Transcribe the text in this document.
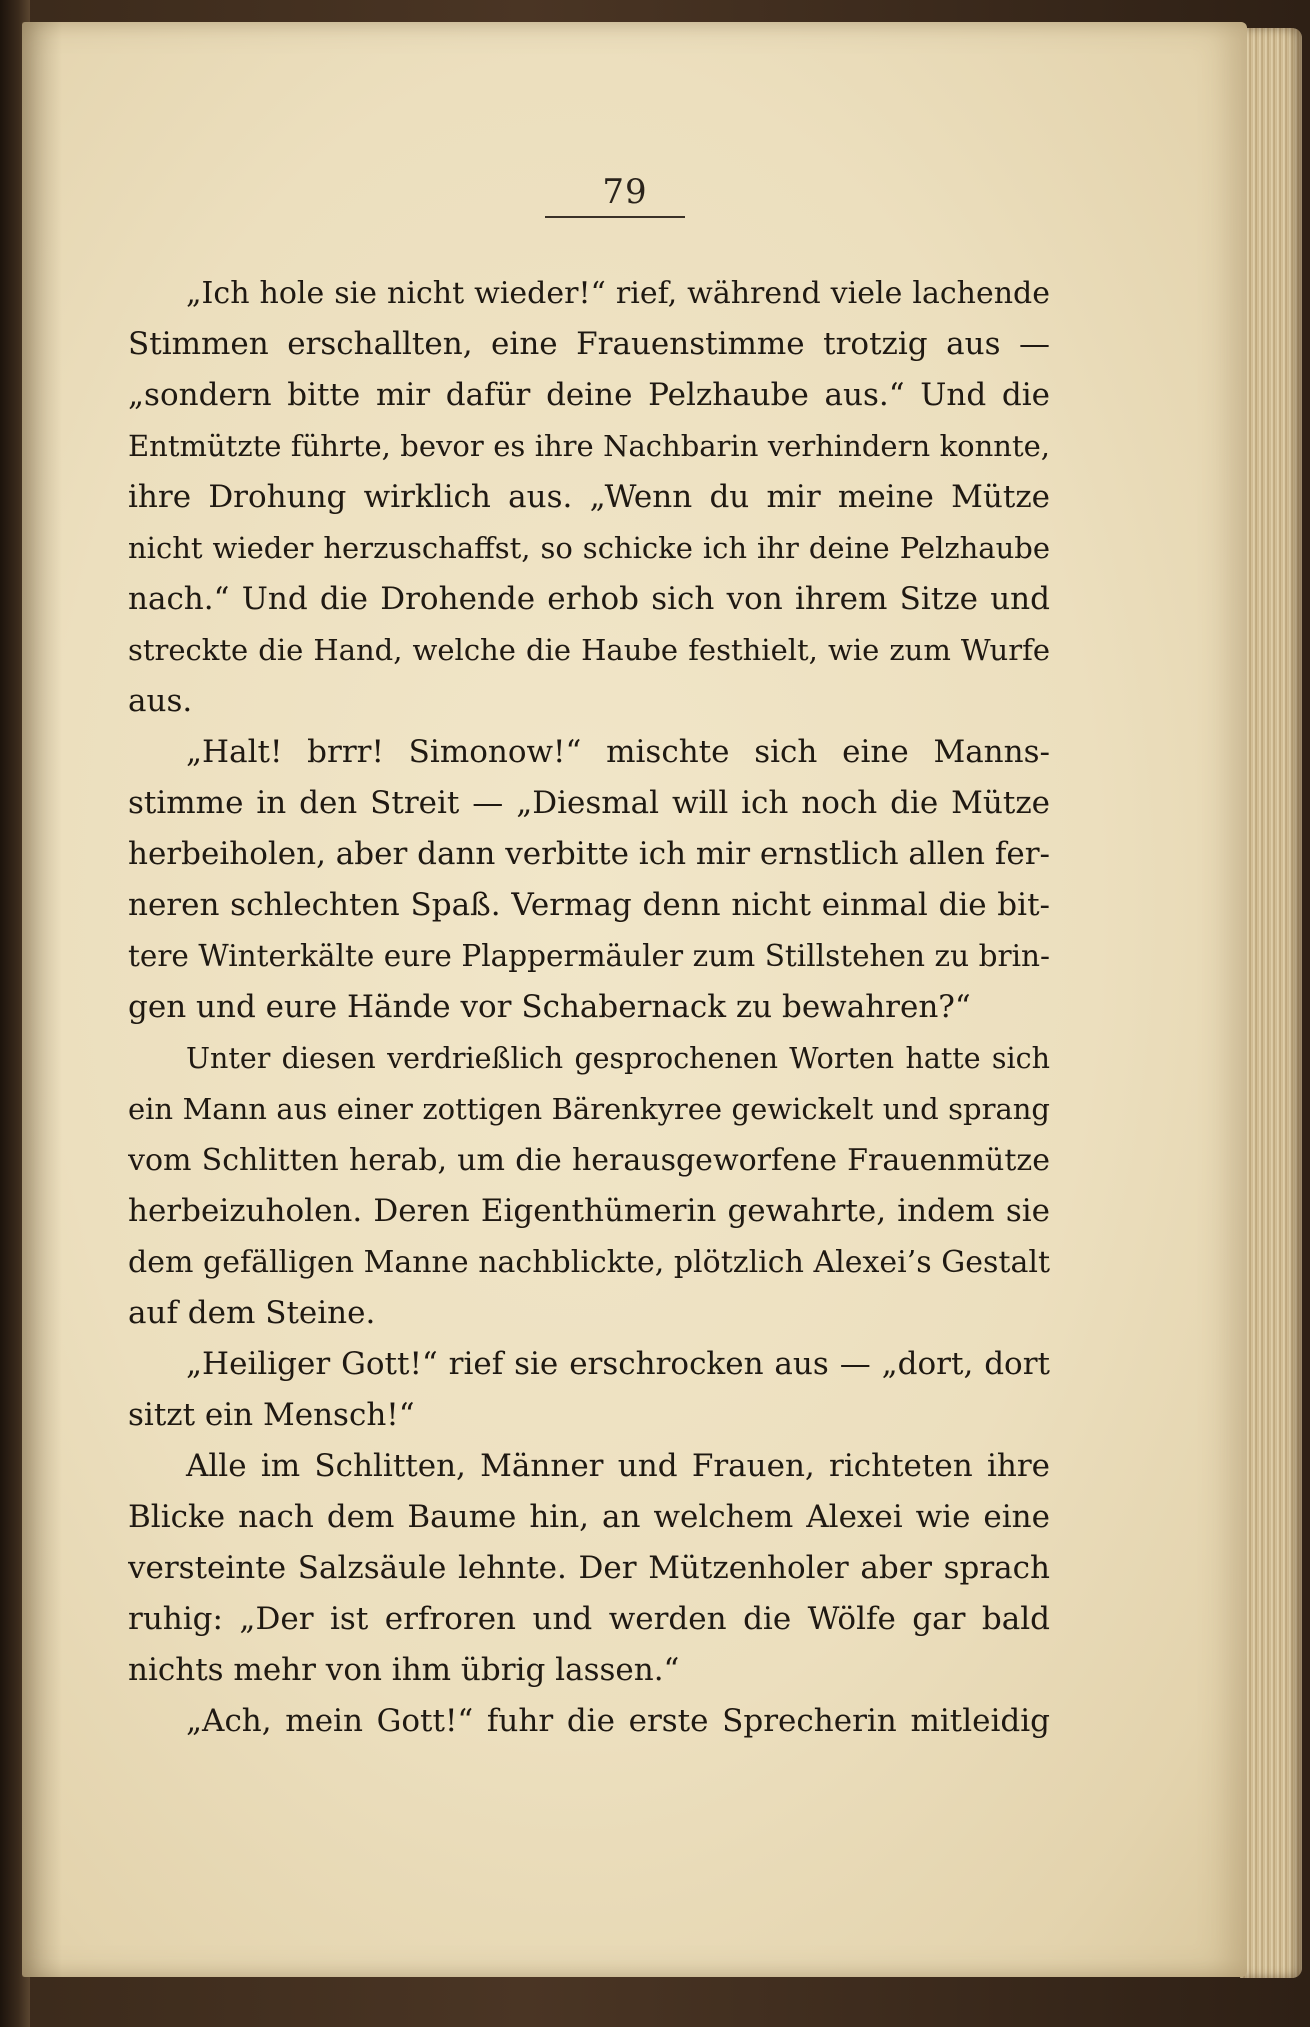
79
„Ich hole sie nicht wieder!“ rief, während viele lachende
Stimmen erschallten, eine Frauenstimme trotzig aus —
„sondern bitte mir dafür deine Pelzhaube aus.“ Und die
Entmützte führte, bevor es ihre Nachbarin verhindern konnte,
ihre Drohung wirklich aus. „Wenn du mir meine Mütze
nicht wieder herzuschaffst, so schicke ich ihr deine Pelzhaube
nach.“ Und die Drohende erhob sich von ihrem Sitze und
streckte die Hand, welche die Haube festhielt, wie zum Wurfe
aus.
„Halt! brrr! Simonow!“ mischte sich eine Manns-
stimme in den Streit — „Diesmal will ich noch die Mütze
herbeiholen, aber dann verbitte ich mir ernstlich allen fer-
neren schlechten Spaß. Vermag denn nicht einmal die bit-
tere Winterkälte eure Plappermäuler zum Stillstehen zu brin-
gen und eure Hände vor Schabernack zu bewahren?“
Unter diesen verdrießlich gesprochenen Worten hatte sich
ein Mann aus einer zottigen Bärenkyree gewickelt und sprang
vom Schlitten herab, um die herausgeworfene Frauenmütze
herbeizuholen. Deren Eigenthümerin gewahrte, indem sie
dem gefälligen Manne nachblickte, plötzlich Alexei’s Gestalt
auf dem Steine.
„Heiliger Gott!“ rief sie erschrocken aus — „dort, dort
sitzt ein Mensch!“
Alle im Schlitten, Männer und Frauen, richteten ihre
Blicke nach dem Baume hin, an welchem Alexei wie eine
versteinte Salzsäule lehnte. Der Mützenholer aber sprach
ruhig: „Der ist erfroren und werden die Wölfe gar bald
nichts mehr von ihm übrig lassen.“
„Ach, mein Gott!“ fuhr die erste Sprecherin mitleidig
